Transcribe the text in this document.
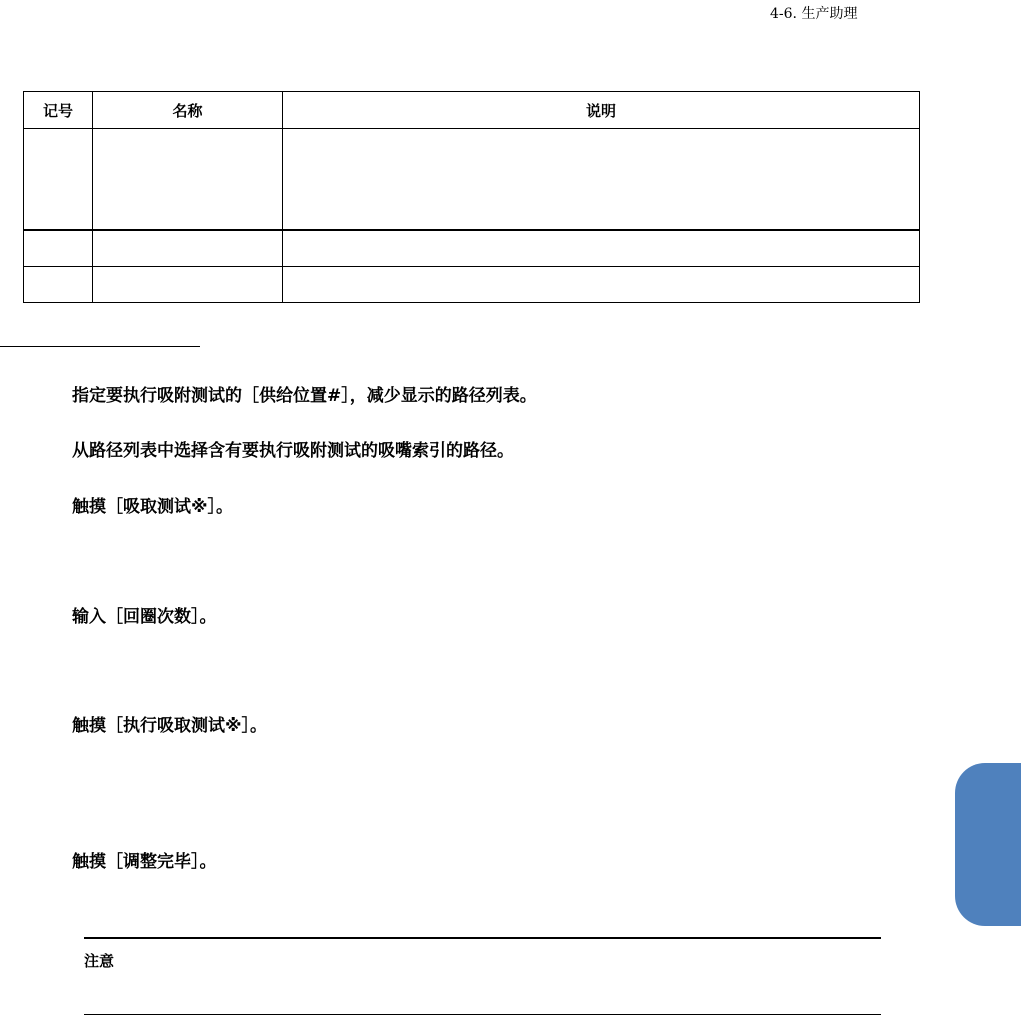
4-6. 生产助理
记号	名称	说明

指定要执行吸附测试的［供给位置#］，减少显示的路径列表。
从路径列表中选择含有要执行吸附测试的吸嘴索引的路径。
触摸［吸取测试※］。
输入［回圈次数］。
触摸［执行吸取测试※］。
触摸［调整完毕］。
注意
